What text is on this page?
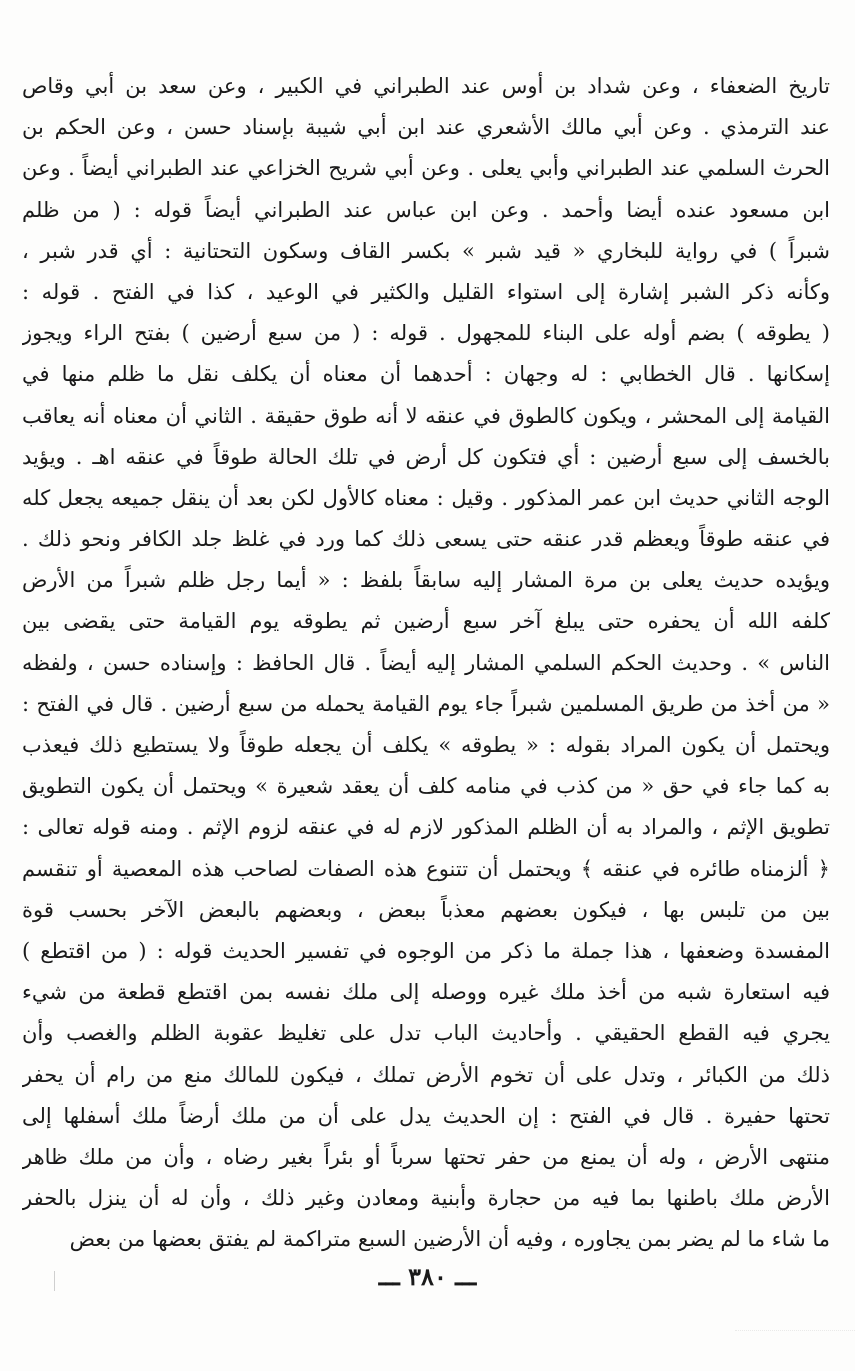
تاريخ الضعفاء ، وعن شداد بن أوس عند الطبراني في الكبير ، وعن سعد بن أبي وقاص
عند الترمذي . وعن أبي مالك الأشعري عند ابن أبي شيبة بإسناد حسن ، وعن الحكم بن
الحرث السلمي عند الطبراني وأبي يعلى . وعن أبي شريح الخزاعي عند الطبراني أيضاً . وعن
ابن مسعود عنده أيضا وأحمد . وعن ابن عباس عند الطبراني أيضاً قوله : ( من ظلم
شبراً ) في رواية للبخاري « قيد شبر » بكسر القاف وسكون التحتانية : أي قدر شبر ،
وكأنه ذكر الشبر إشارة إلى استواء القليل والكثير في الوعيد ، كذا في الفتح . قوله :
( يطوقه ) بضم أوله على البناء للمجهول . قوله : ( من سبع أرضين ) بفتح الراء ويجوز
إسكانها . قال الخطابي : له وجهان : أحدهما أن معناه أن يكلف نقل ما ظلم منها في
القيامة إلى المحشر ، ويكون كالطوق في عنقه لا أنه طوق حقيقة . الثاني أن معناه أنه يعاقب
بالخسف إلى سبع أرضين : أي فتكون كل أرض في تلك الحالة طوقاً في عنقه اهـ . ويؤيد
الوجه الثاني حديث ابن عمر المذكور . وقيل : معناه كالأول لكن بعد أن ينقل جميعه يجعل كله
في عنقه طوقاً ويعظم قدر عنقه حتى يسعى ذلك كما ورد في غلظ جلد الكافر ونحو ذلك .
ويؤيده حديث يعلى بن مرة المشار إليه سابقاً بلفظ : « أيما رجل ظلم شبراً من الأرض
كلفه الله أن يحفره حتى يبلغ آخر سبع أرضين ثم يطوقه يوم القيامة حتى يقضى بين
الناس » . وحديث الحكم السلمي المشار إليه أيضاً . قال الحافظ : وإسناده حسن ، ولفظه
« من أخذ من طريق المسلمين شبراً جاء يوم القيامة يحمله من سبع أرضين . قال في الفتح :
ويحتمل أن يكون المراد بقوله : « يطوقه » يكلف أن يجعله طوقاً ولا يستطيع ذلك فيعذب
به كما جاء في حق « من كذب في منامه كلف أن يعقد شعيرة » ويحتمل أن يكون التطويق
تطويق الإثم ، والمراد به أن الظلم المذكور لازم له في عنقه لزوم الإثم . ومنه قوله تعالى :
﴿ ألزمناه طائره في عنقه ﴾ ويحتمل أن تتنوع هذه الصفات لصاحب هذه المعصية أو تنقسم
بين من تلبس بها ، فيكون بعضهم معذباً ببعض ، وبعضهم بالبعض الآخر بحسب قوة
المفسدة وضعفها ، هذا جملة ما ذكر من الوجوه في تفسير الحديث قوله : ( من اقتطع )
فيه استعارة شبه من أخذ ملك غيره ووصله إلى ملك نفسه بمن اقتطع قطعة من شيء
يجري فيه القطع الحقيقي . وأحاديث الباب تدل على تغليظ عقوبة الظلم والغصب وأن
ذلك من الكبائر ، وتدل على أن تخوم الأرض تملك ، فيكون للمالك منع من رام أن يحفر
تحتها حفيرة . قال في الفتح : إن الحديث يدل على أن من ملك أرضاً ملك أسفلها إلى
منتهى الأرض ، وله أن يمنع من حفر تحتها سرباً أو بئراً بغير رضاه ، وأن من ملك ظاهر
الأرض ملك باطنها بما فيه من حجارة وأبنية ومعادن وغير ذلك ، وأن له أن ينزل بالحفر
ما شاء ما لم يضر بمن يجاوره ، وفيه أن الأرضين السبع متراكمة لم يفتق بعضها من بعض
ـــ ٣٨٠ ـــ
